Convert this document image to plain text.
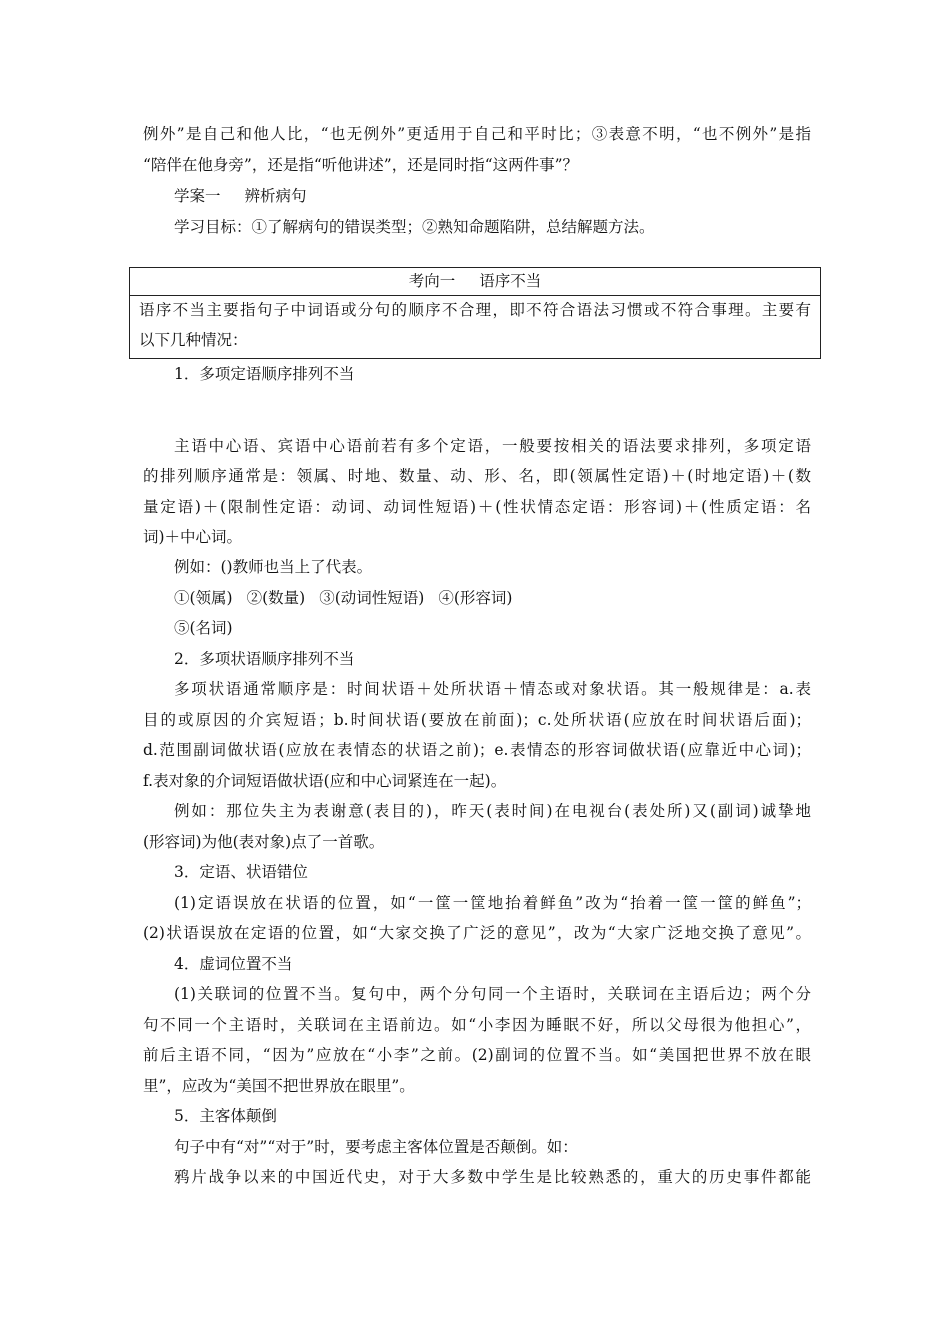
例外”是自己和他人比，“也无例外”更适用于自己和平时比；③表意不明，“也不例外”是指
“陪伴在他身旁”，还是指“听他讲述”，还是同时指“这两件事”？
学案一 辨析病句
学习目标：①了解病句的错误类型；②熟知命题陷阱，总结解题方法。
考向一 语序不当
语序不当主要指句子中词语或分句的顺序不合理，即不符合语法习惯或不符合事理。主要有
以下几种情况：
1．多项定语顺序排列不当
主语中心语、宾语中心语前若有多个定语，一般要按相关的语法要求排列，多项定语
的排列顺序通常是：领属、时地、数量、动、形、名，即(领属性定语)＋(时地定语)＋(数
量定语)＋(限制性定语：动词、动词性短语)＋(性状情态定语：形容词)＋(性质定语：名
词)＋中心词。
例如：()教师也当上了代表。
①(领属) ②(数量) ③(动词性短语) ④(形容词)
⑤(名词)
2．多项状语顺序排列不当
多项状语通常顺序是：时间状语＋处所状语＋情态或对象状语。其一般规律是：a.表
目的或原因的介宾短语；b.时间状语(要放在前面)；c.处所状语(应放在时间状语后面)；
d.范围副词做状语(应放在表情态的状语之前)；e.表情态的形容词做状语(应靠近中心词)；
f.表对象的介词短语做状语(应和中心词紧连在一起)。
例如：那位失主为表谢意(表目的)，昨天(表时间)在电视台(表处所)又(副词)诚挚地
(形容词)为他(表对象)点了一首歌。
3．定语、状语错位
(1)定语误放在状语的位置，如“一筐一筐地抬着鲜鱼”改为“抬着一筐一筐的鲜鱼”；
(2)状语误放在定语的位置，如“大家交换了广泛的意见”，改为“大家广泛地交换了意见”。
4．虚词位置不当
(1)关联词的位置不当。复句中，两个分句同一个主语时，关联词在主语后边；两个分
句不同一个主语时，关联词在主语前边。如“小李因为睡眠不好，所以父母很为他担心”，
前后主语不同，“因为”应放在“小李”之前。(2)副词的位置不当。如“美国把世界不放在眼
里”，应改为“美国不把世界放在眼里”。
5．主客体颠倒
句子中有“对”“对于”时，要考虑主客体位置是否颠倒。如：
鸦片战争以来的中国近代史，对于大多数中学生是比较熟悉的，重大的历史事件都能
